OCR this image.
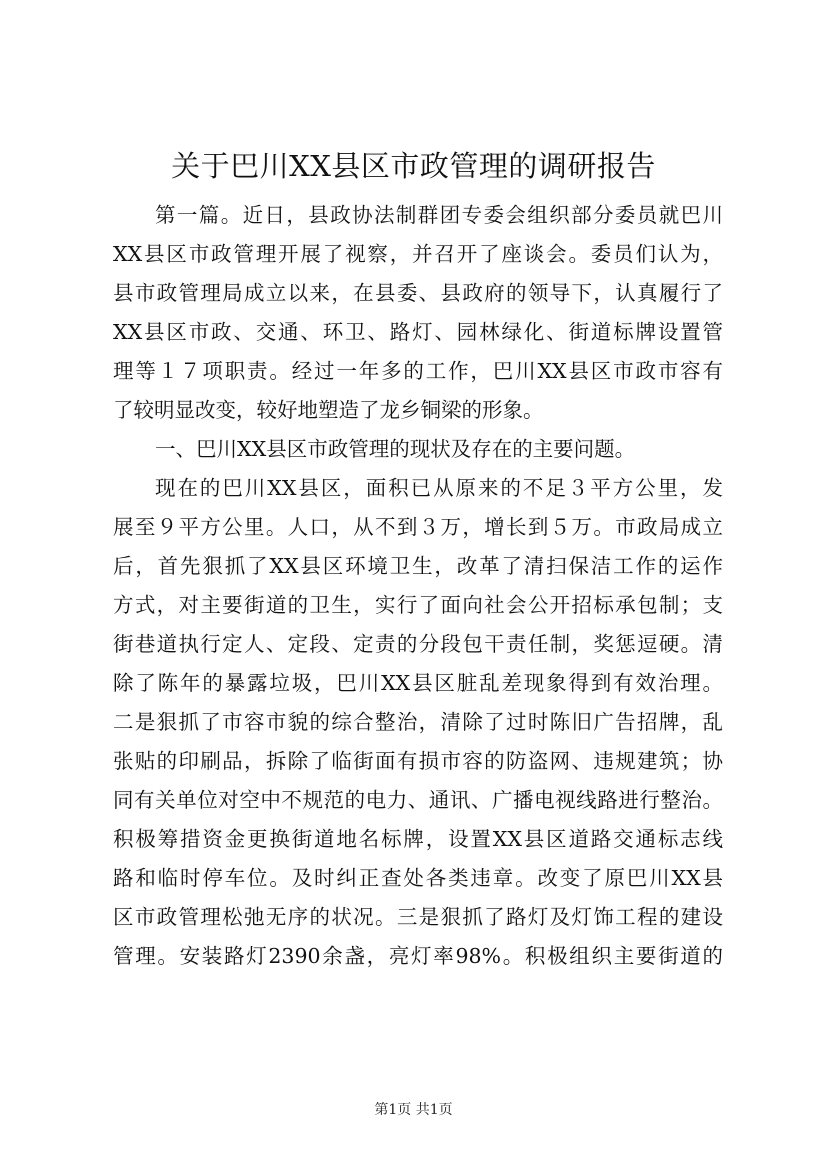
关于巴川XX县区市政管理的调研报告
第一篇。近日，县政协法制群团专委会组织部分委员就巴川
XX县区市政管理开展了视察，并召开了座谈会。委员们认为，
县市政管理局成立以来，在县委、县政府的领导下，认真履行了
XX县区市政、交通、环卫、路灯、园林绿化、街道标牌设置管
理等１７项职责。经过一年多的工作，巴川XX县区市政市容有
了较明显改变，较好地塑造了龙乡铜梁的形象。
一、巴川XX县区市政管理的现状及存在的主要问题。
现在的巴川XX县区，面积已从原来的不足３平方公里，发
展至９平方公里。人口，从不到３万，增长到５万。市政局成立
后，首先狠抓了XX县区环境卫生，改革了清扫保洁工作的运作
方式，对主要街道的卫生，实行了面向社会公开招标承包制；支
街巷道执行定人、定段、定责的分段包干责任制，奖惩逗硬。清
除了陈年的暴露垃圾，巴川XX县区脏乱差现象得到有效治理。
二是狠抓了市容市貌的综合整治，清除了过时陈旧广告招牌，乱
张贴的印刷品，拆除了临街面有损市容的防盗网、违规建筑；协
同有关单位对空中不规范的电力、通讯、广播电视线路进行整治。
积极筹措资金更换街道地名标牌，设置XX县区道路交通标志线
路和临时停车位。及时纠正查处各类违章。改变了原巴川XX县
区市政管理松弛无序的状况。三是狠抓了路灯及灯饰工程的建设
管理。安装路灯2390余盏，亮灯率98%。积极组织主要街道的
第1页 共1页
